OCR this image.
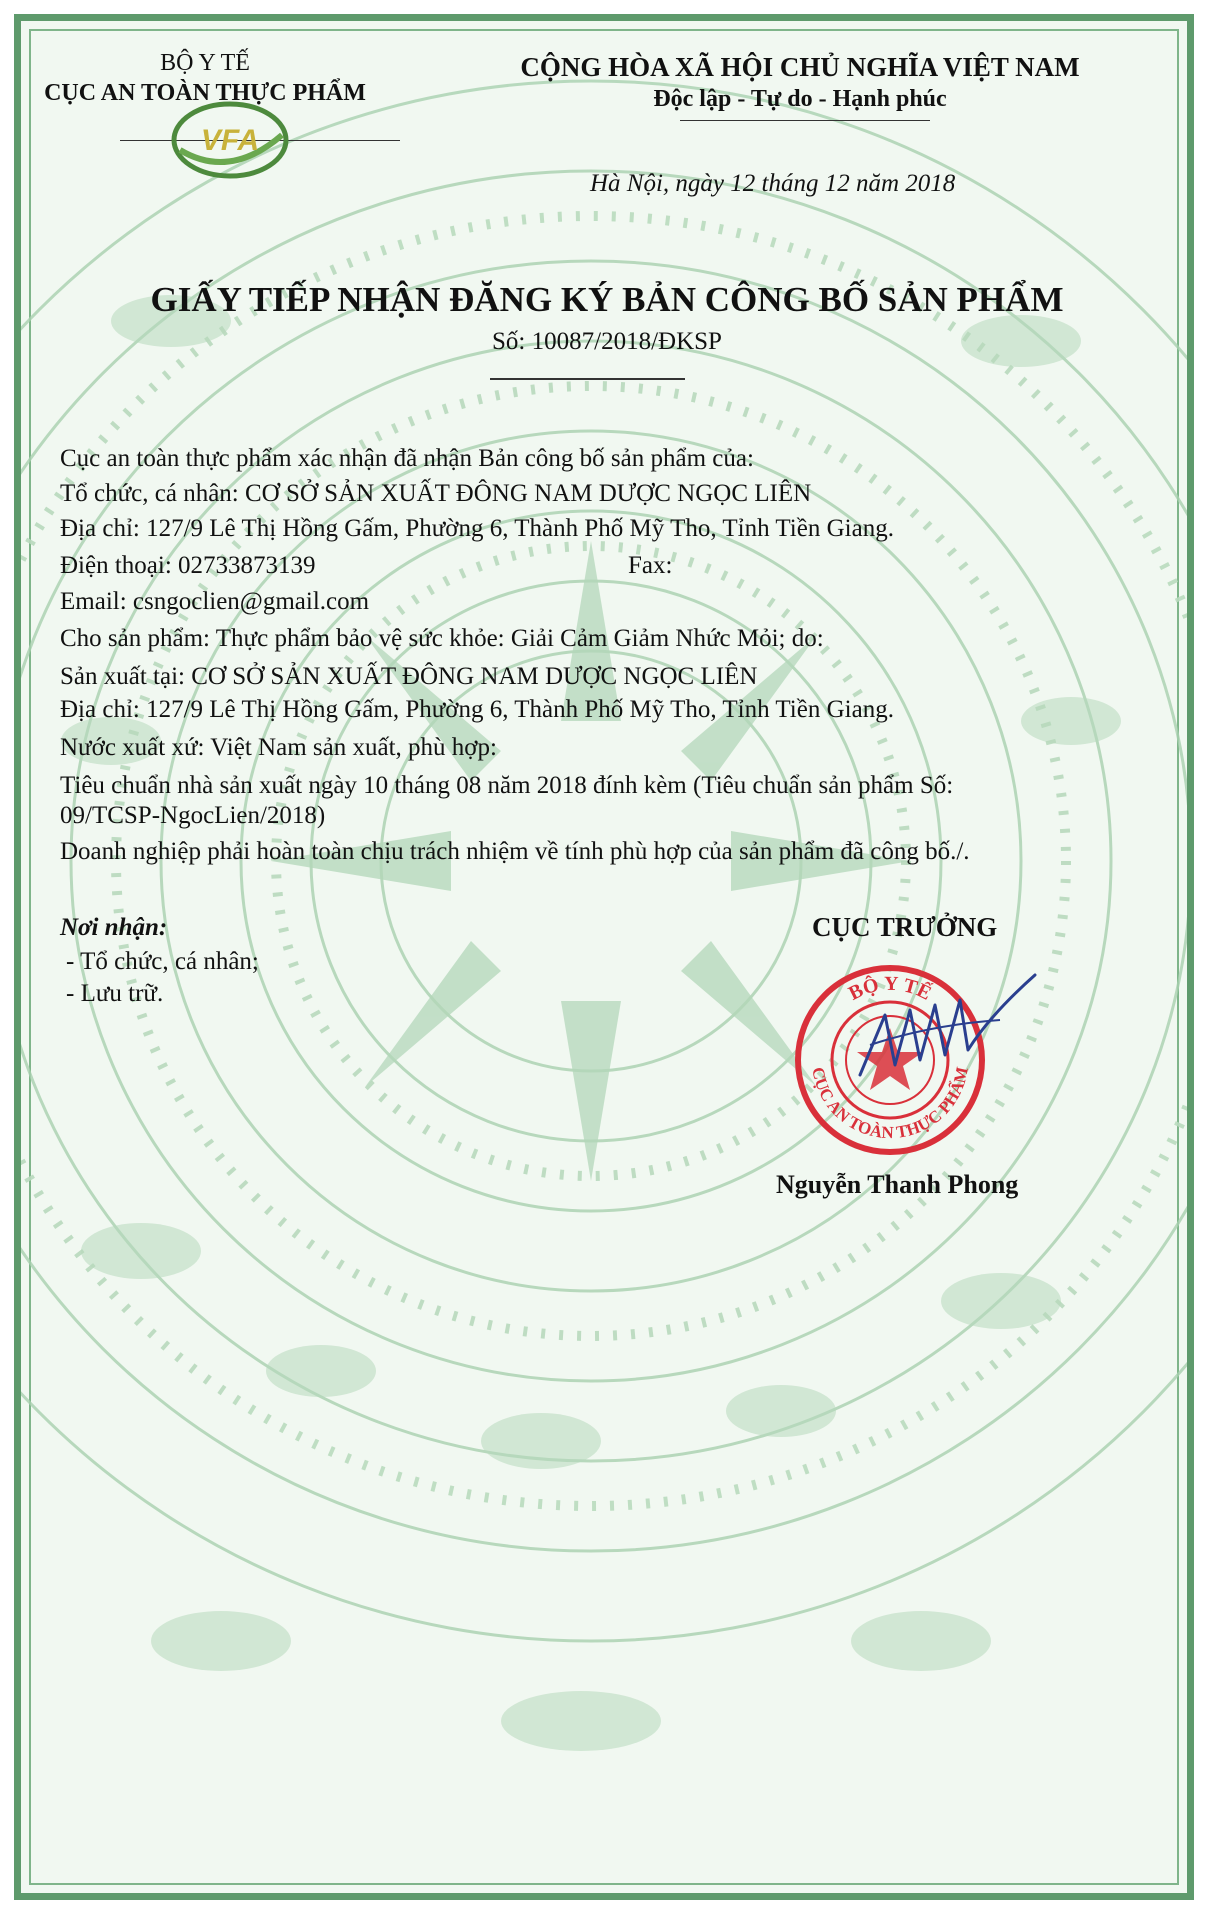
BỘ Y TẾ
CỤC AN TOÀN THỰC PHẨM
VFA
CỘNG HÒA XÃ HỘI CHỦ NGHĨA VIỆT NAM
Độc lập - Tự do - Hạnh phúc
Hà Nội, ngày 12 tháng 12 năm 2018
GIẤY TIẾP NHẬN ĐĂNG KÝ BẢN CÔNG BỐ SẢN PHẨM
Số: 10087/2018/ĐKSP
Cục an toàn thực phẩm xác nhận đã nhận Bản công bố sản phẩm của:
Tổ chức, cá nhân: CƠ SỞ SẢN XUẤT ĐÔNG NAM DƯỢC NGỌC LIÊN
Địa chỉ: 127/9 Lê Thị Hồng Gấm, Phường 6, Thành Phố Mỹ Tho, Tỉnh Tiền Giang.
Điện thoại: 02733873139	Fax:
Email: csngoclien@gmail.com
Cho sản phẩm: Thực phẩm bảo vệ sức khỏe: Giải Cảm Giảm Nhức Mỏi; do:
Sản xuất tại: CƠ SỞ SẢN XUẤT ĐÔNG NAM DƯỢC NGỌC LIÊN
Địa chỉ: 127/9 Lê Thị Hồng Gấm, Phường 6, Thành Phố Mỹ Tho, Tỉnh Tiền Giang.
Nước xuất xứ: Việt Nam sản xuất, phù hợp:
Tiêu chuẩn nhà sản xuất ngày 10 tháng 08 năm 2018 đính kèm (Tiêu chuẩn sản phẩm Số:
09/TCSP-NgocLien/2018)
Doanh nghiệp phải hoàn toàn chịu trách nhiệm về tính phù hợp của sản phẩm đã công bố./.
Nơi nhận:
- Tổ chức, cá nhân;
- Lưu trữ.
CỤC TRƯỞNG
BỘ Y TẾ
CỤC AN TOÀN THỰC PHẨM
Nguyễn Thanh Phong
